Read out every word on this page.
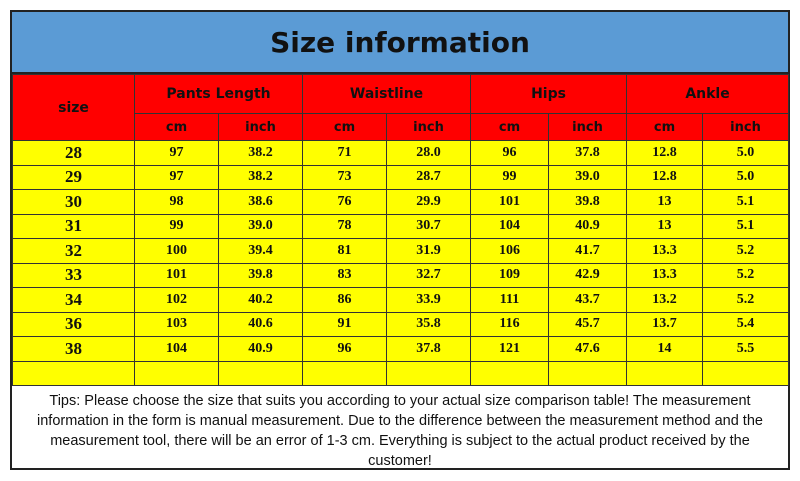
Size information
size	Pants Length		Waistline		Hips		Ankle	
	cm	inch	cm	inch	cm	inch	cm	inch
28	97	38.2	71	28.0	96	37.8	12.8	5.0
29	97	38.2	73	28.7	99	39.0	12.8	5.0
30	98	38.6	76	29.9	101	39.8	13	5.1
31	99	39.0	78	30.7	104	40.9	13	5.1
32	100	39.4	81	31.9	106	41.7	13.3	5.2
33	101	39.8	83	32.7	109	42.9	13.3	5.2
34	102	40.2	86	33.9	111	43.7	13.2	5.2
36	103	40.6	91	35.8	116	45.7	13.7	5.4
38	104	40.9	96	37.8	121	47.6	14	5.5

Tips: Please choose the size that suits you according to your actual size comparison table! The measurement information in the form is manual measurement. Due to the difference between the measurement method and the measurement tool, there will be an error of 1-3 cm. Everything is subject to the actual product received by the customer!
